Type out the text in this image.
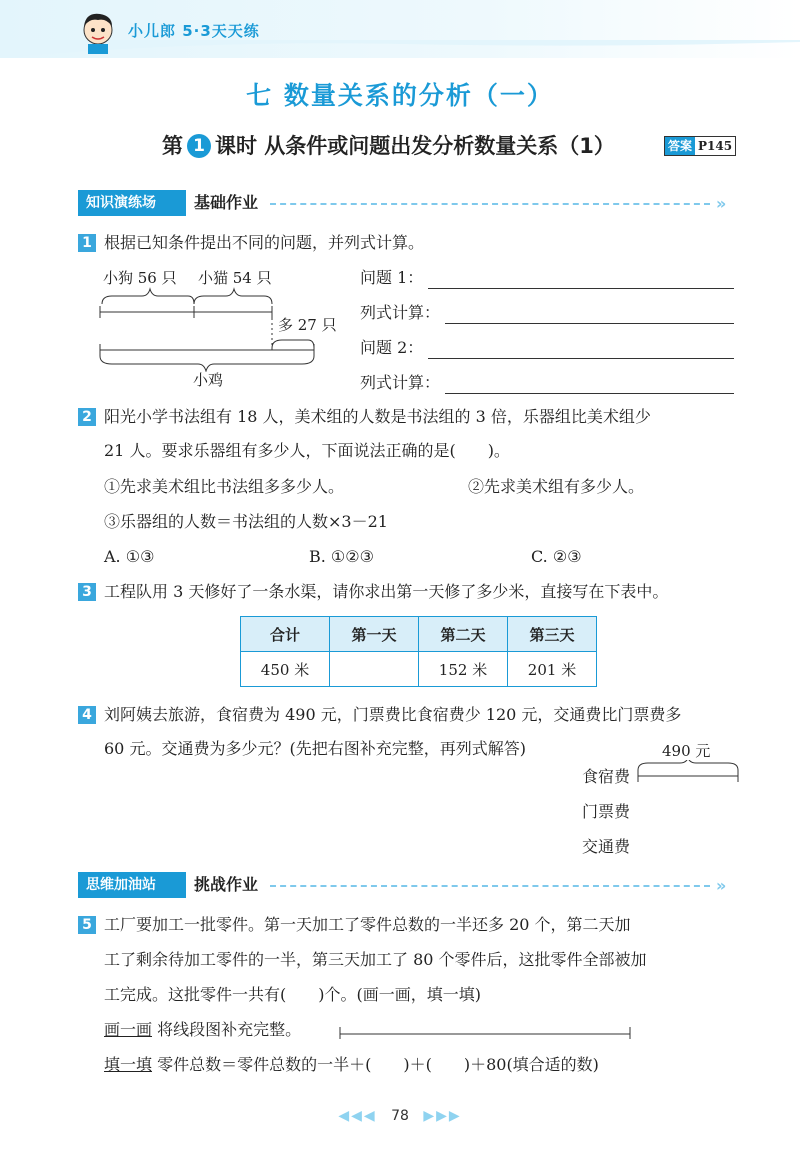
小儿郎 5·3天天练
七 数量关系的分析（一）
第 1 课时 从条件或问题出发分析数量关系（1）	答案 P145
知识演练场	基础作业	»
1 根据已知条件提出不同的问题，并列式计算。
小狗 56 只 小猫 54 只
多 27 只
小鸡
问题 1：
列式计算：
问题 2：
列式计算：
2 阳光小学书法组有 18 人，美术组的人数是书法组的 3 倍，乐器组比美术组少
21 人。要求乐器组有多少人，下面说法正确的是(　　)。
①先求美术组比书法组多多少人。	②先求美术组有多少人。
③乐器组的人数＝书法组的人数×3－21
A. ①③	B. ①②③	C. ②③
3 工程队用 3 天修好了一条水渠，请你求出第一天修了多少米，直接写在下表中。
合计	第一天	第二天	第三天
450 米		152 米	201 米
4 刘阿姨去旅游，食宿费为 490 元，门票费比食宿费少 120 元，交通费比门票费多
60 元。交通费为多少元？(先把右图补充完整，再列式解答)	490 元
食宿费
门票费
交通费
思维加油站	挑战作业	»
5 工厂要加工一批零件。第一天加工了零件总数的一半还多 20 个，第二天加
工了剩余待加工零件的一半，第三天加工了 80 个零件后，这批零件全部被加
工完成。这批零件一共有(　　)个。(画一画，填一填)
画一画 将线段图补充完整。
填一填 零件总数＝零件总数的一半＋(　　)＋(　　)＋80(填合适的数)
◀◀◀ 78 ▶▶▶
